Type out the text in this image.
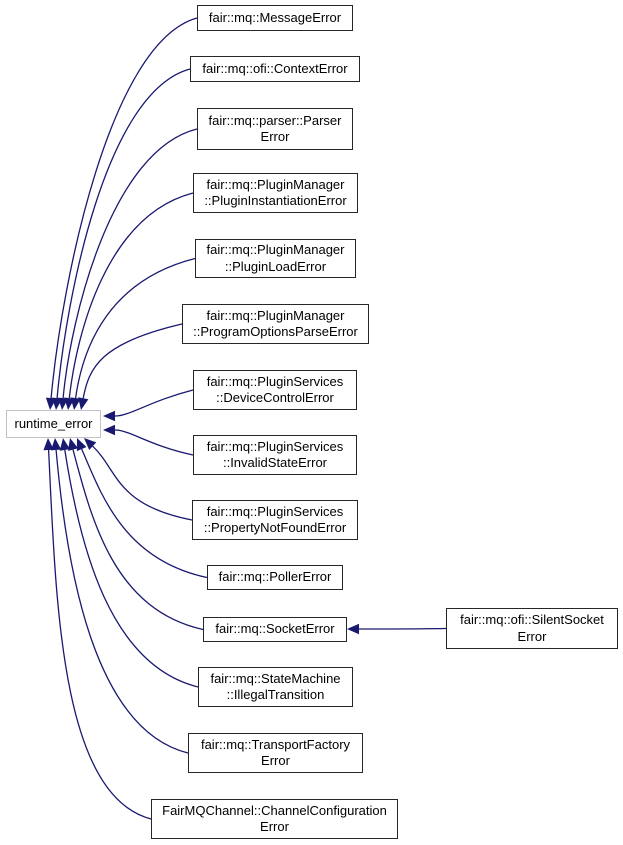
runtime_error
fair::mq::MessageError
fair::mq::ofi::ContextError
fair::mq::parser::Parser
Error
fair::mq::PluginManager
::PluginInstantiationError
fair::mq::PluginManager
::PluginLoadError
fair::mq::PluginManager
::ProgramOptionsParseError
fair::mq::PluginServices
::DeviceControlError
fair::mq::PluginServices
::InvalidStateError
fair::mq::PluginServices
::PropertyNotFoundError
fair::mq::PollerError
fair::mq::SocketError
fair::mq::ofi::SilentSocket
Error
fair::mq::StateMachine
::IllegalTransition
fair::mq::TransportFactory
Error
FairMQChannel::ChannelConfiguration
Error
